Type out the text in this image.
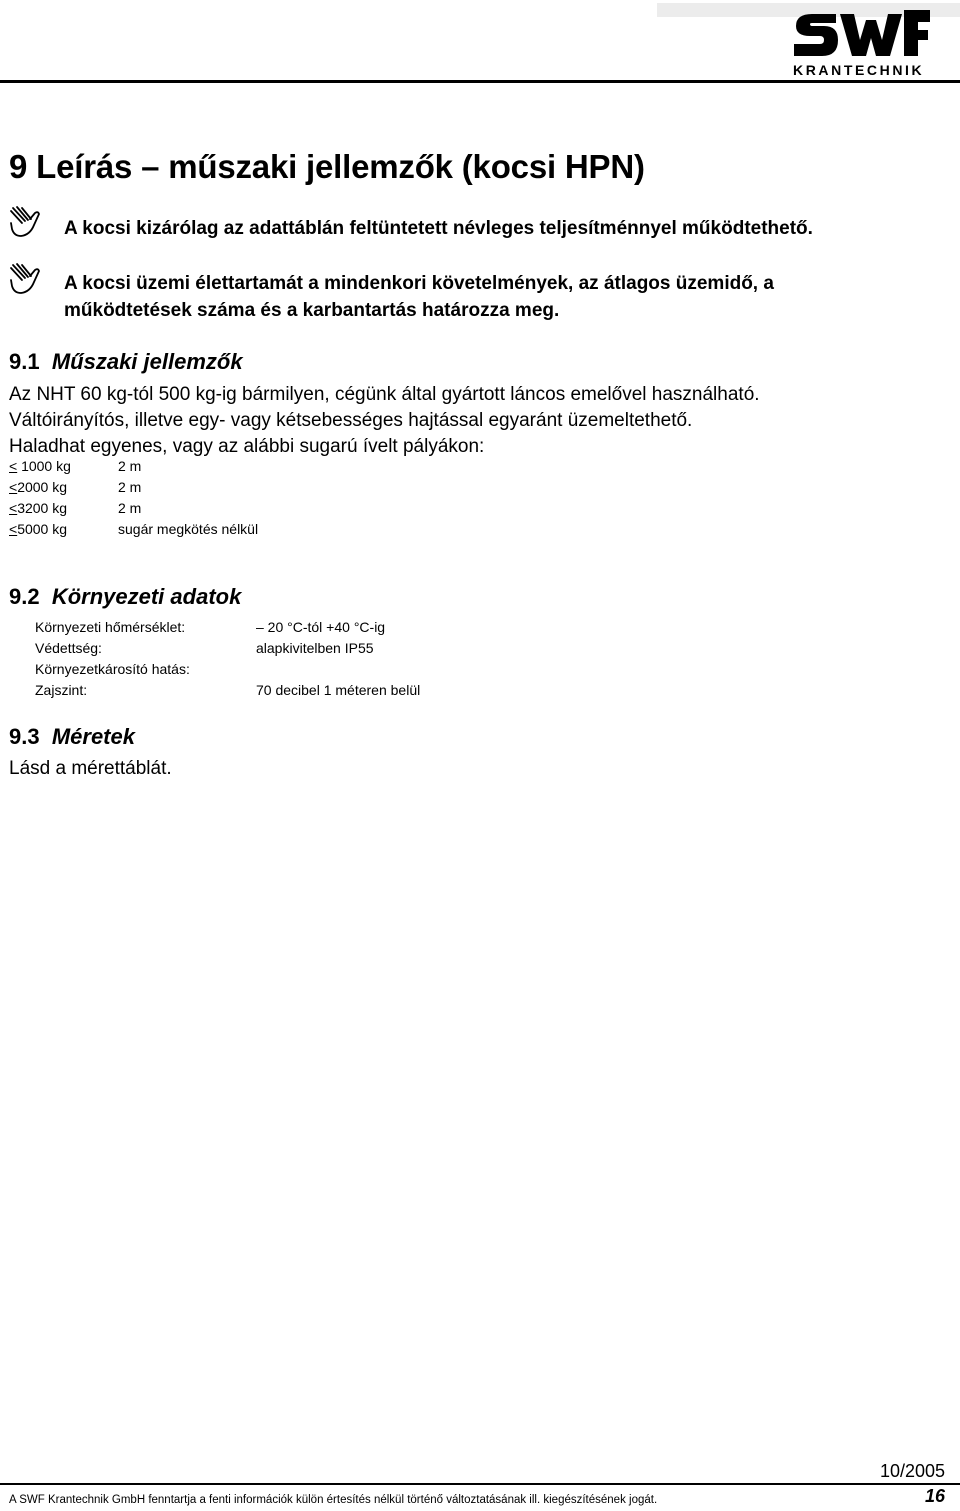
KRANTECHNIK
9 Leírás – műszaki jellemzők (kocsi HPN)
A kocsi kizárólag az adattáblán feltüntetett névleges teljesítménnyel működtethető.
A kocsi üzemi élettartamát a mindenkori követelmények, az átlagos üzemidő, a
működtetések száma és a karbantartás határozza meg.
9.1 Műszaki jellemzők
Az NHT 60 kg-tól 500 kg-ig bármilyen, cégünk által gyártott láncos emelővel használható.
Váltóirányítós, illetve egy- vagy kétsebességes hajtással egyaránt üzemeltethető.
Haladhat egyenes, vagy az alábbi sugarú ívelt pályákon:
≤ 1000 kg	2 m
≤2000 kg	2 m
≤3200 kg	2 m
≤5000 kg	sugár megkötés nélkül
9.2 Környezeti adatok
Környezeti hőmérséklet:	– 20 °C-tól +40 °C-ig
Védettség:	alapkivitelben IP55
Környezetkárosító hatás:
Zajszint:	70 decibel 1 méteren belül
9.3 Méretek
Lásd a mérettáblát.
10/2005
A SWF Krantechnik GmbH fenntartja a fenti információk külön értesítés nélkül történő változtatásának ill. kiegészítésének jogát.	16
